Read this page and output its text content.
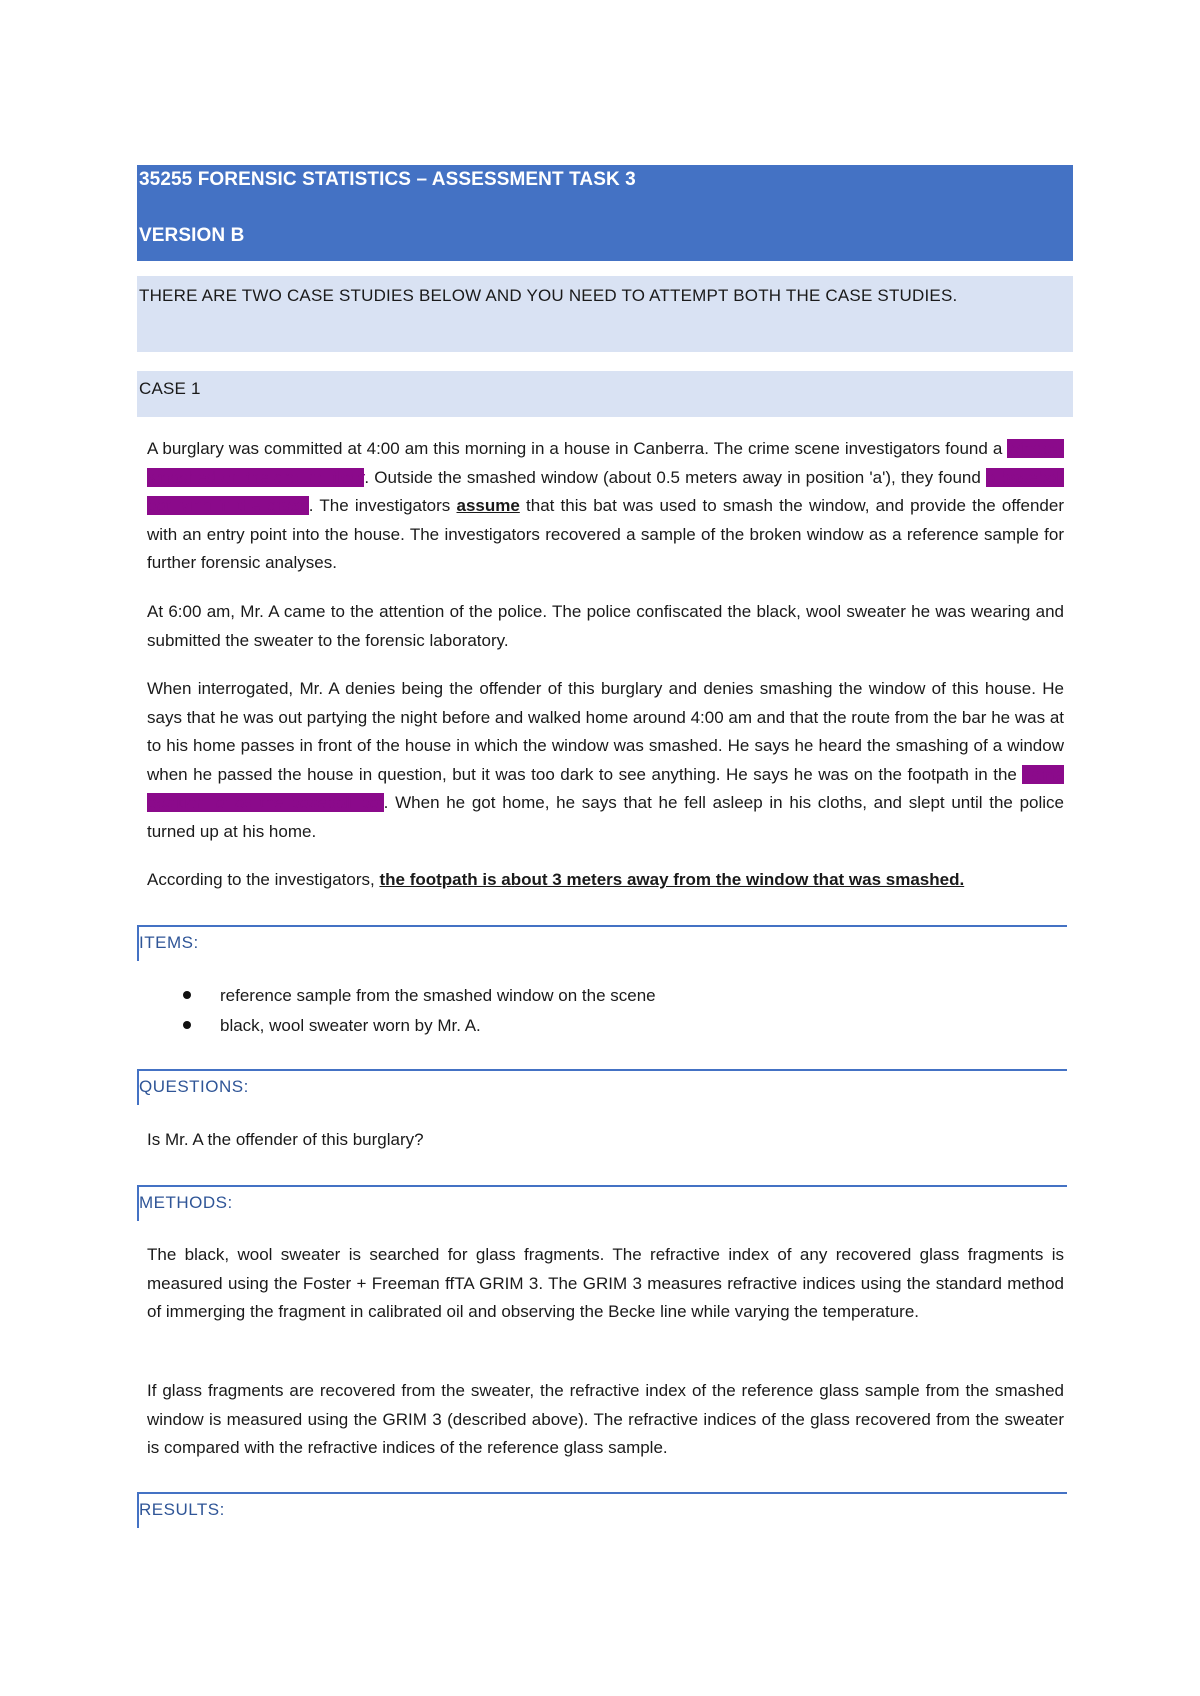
35255 FORENSIC STATISTICS – ASSESSMENT TASK 3
VERSION B
THERE ARE TWO CASE STUDIES BELOW AND YOU NEED TO ATTEMPT BOTH THE CASE STUDIES.
CASE 1

A burglary was committed at 4:00 am this morning in a house in Canberra. The crime scene investigators found a window smashed on the ground floor. Outside the smashed window (about 0.5 meters away in position 'a'), they found a baseball bat lying in the grass. The investigators assume that this bat was used to smash the window, and provide the offender with an entry point into the house. The investigators recovered a sample of the broken window as a reference sample for further forensic analyses.

At 6:00 am, Mr. A came to the attention of the police. The police confiscated the black, wool sweater he was wearing and submitted the sweater to the forensic laboratory.

When interrogated, Mr. A denies being the offender of this burglary and denies smashing the window of this house. He says that he was out partying the night before and walked home around 4:00 am and that the route from the bar he was at to his home passes in front of the house in which the window was smashed. He says he heard the smashing of a window when he passed the house in question, but it was too dark to see anything. He says he was on the footpath in the same position 'a' as the baseball bat. When he got home, he says that he fell asleep in his cloths, and slept until the police turned up at his home.

According to the investigators, the footpath is about 3 meters away from the window that was smashed.

ITEMS:
reference sample from the smashed window on the scene
black, wool sweater worn by Mr. A.
QUESTIONS:

Is Mr. A the offender of this burglary?

METHODS:

The black, wool sweater is searched for glass fragments. The refractive index of any recovered glass fragments is measured using the Foster + Freeman ffTA GRIM 3. The GRIM 3 measures refractive indices using the standard method of immerging the fragment in calibrated oil and observing the Becke line while varying the temperature.

If glass fragments are recovered from the sweater, the refractive index of the reference glass sample from the smashed window is measured using the GRIM 3 (described above). The refractive indices of the glass recovered from the sweater is compared with the refractive indices of the reference glass sample.

RESULTS:
